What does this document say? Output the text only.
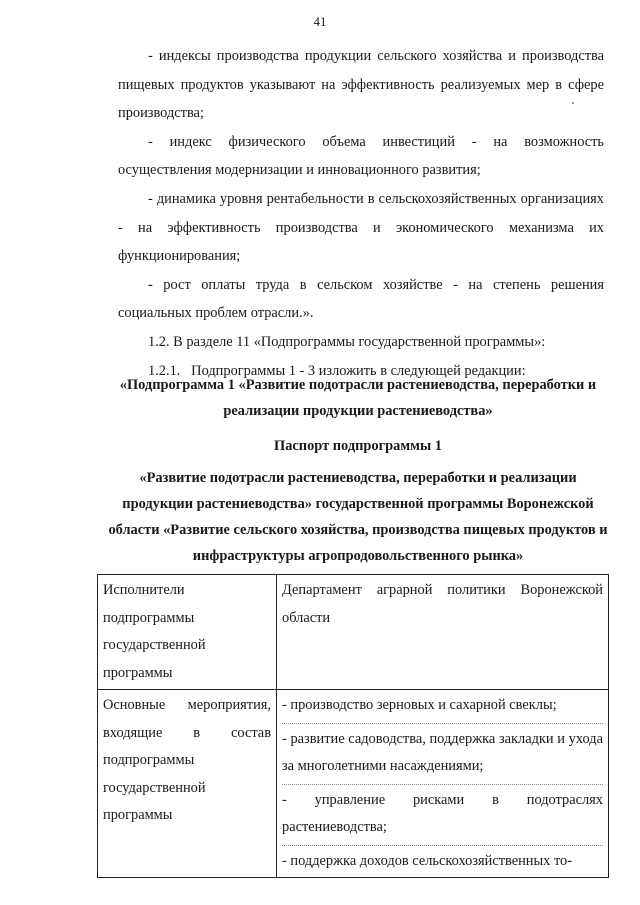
41

- индексы производства продукции сельского хозяйства и производства пищевых продуктов указывают на эффективность реализуемых мер в сфере производства;

- индекс физического объема инвестиций - на возможность осуществления модернизации и инновационного развития;

- динамика уровня рентабельности в сельскохозяйственных организациях - на эффективность производства и экономического механизма их функционирования;

- рост оплаты труда в сельском хозяйстве - на степень решения социальных проблем отрасли.».

1.2. В разделе 11 «Подпрограммы государственной программы»:

1.2.1.   Подпрограммы 1 - 3 изложить в следующей редакции:

«Подпрограмма 1 «Развитие подотрасли растениеводства, переработки и реализации продукции растениеводства»
Паспорт подпрограммы 1
«Развитие подотрасли растениеводства, переработки и реализации продукции растениеводства» государственной программы Воронежской области «Развитие сельского хозяйства, производства пищевых продуктов и инфраструктуры агропродовольственного рынка»
Исполнители подпрограммы государственной программы	Департамент аграрной политики Воронежской области
Основные мероприятия, входящие в состав подпрограммы государственной программы	- производство зерновых и сахарной свеклы;
- развитие садоводства, поддержка закладки и ухода за многолетними насаждениями;
- управление рисками в подотраслях растениеводства;
- поддержка доходов сельскохозяйственных то-
